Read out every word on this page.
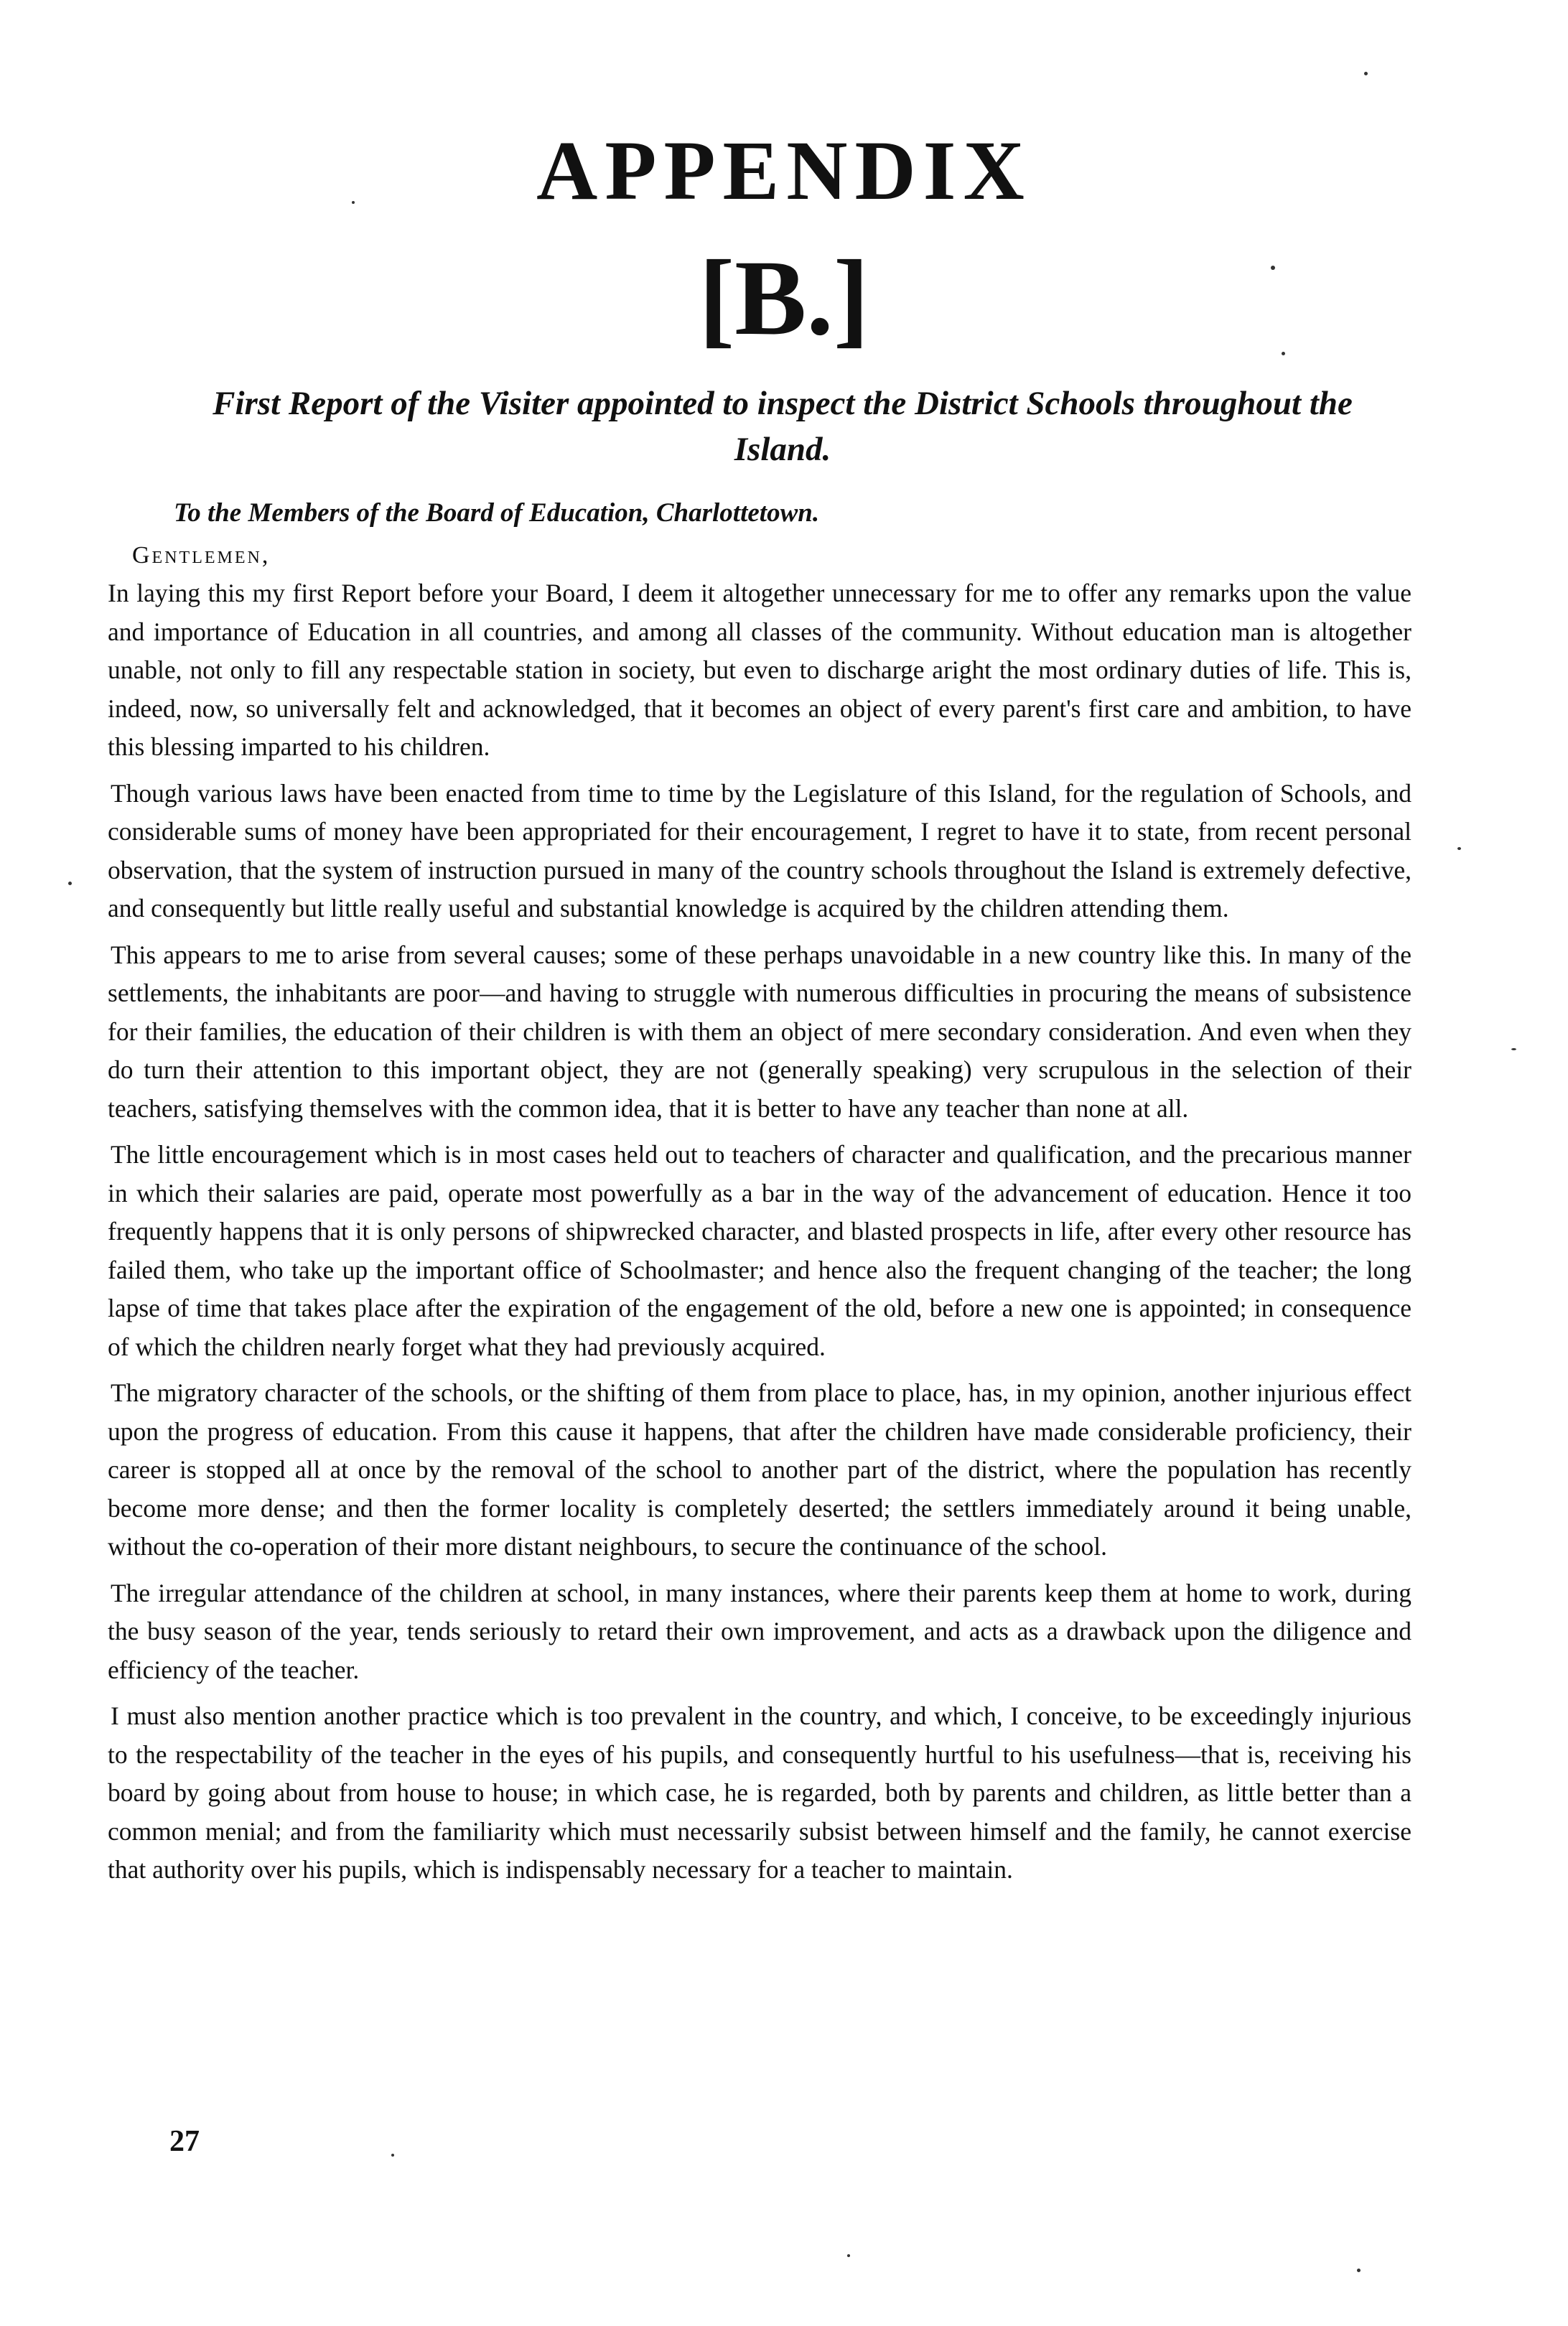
APPENDIX
[B.]
First Report of the Visiter appointed to inspect the District Schools throughout the Island.
To the Members of the Board of Education, Charlottetown.
Gentlemen,

In laying this my first Report before your Board, I deem it altogether unnecessary for me to offer any remarks upon the value and importance of Education in all countries, and among all classes of the community. Without education man is altogether unable, not only to fill any respectable station in society, but even to discharge aright the most ordinary duties of life. This is, indeed, now, so universally felt and acknowledged, that it becomes an object of every parent's first care and ambition, to have this blessing imparted to his children.

Though various laws have been enacted from time to time by the Legislature of this Island, for the regulation of Schools, and considerable sums of money have been appropriated for their encouragement, I regret to have it to state, from recent personal observation, that the system of instruction pursued in many of the country schools throughout the Island is extremely defective, and consequently but little really useful and substantial knowledge is acquired by the children attending them.

This appears to me to arise from several causes; some of these perhaps unavoidable in a new country like this. In many of the settlements, the inhabitants are poor—and having to struggle with numerous difficulties in procuring the means of subsistence for their families, the education of their children is with them an object of mere secondary consideration. And even when they do turn their attention to this important object, they are not (generally speaking) very scrupulous in the selection of their teachers, satisfying themselves with the common idea, that it is better to have any teacher than none at all.

The little encouragement which is in most cases held out to teachers of character and qualification, and the precarious manner in which their salaries are paid, operate most powerfully as a bar in the way of the advancement of education. Hence it too frequently happens that it is only persons of shipwrecked character, and blasted prospects in life, after every other resource has failed them, who take up the important office of Schoolmaster; and hence also the frequent changing of the teacher; the long lapse of time that takes place after the expiration of the engagement of the old, before a new one is appointed; in consequence of which the children nearly forget what they had previously acquired.

The migratory character of the schools, or the shifting of them from place to place, has, in my opinion, another injurious effect upon the progress of education. From this cause it happens, that after the children have made considerable proficiency, their career is stopped all at once by the removal of the school to another part of the district, where the population has recently become more dense; and then the former locality is completely deserted; the settlers immediately around it being unable, without the co-operation of their more distant neighbours, to secure the continuance of the school.

The irregular attendance of the children at school, in many instances, where their parents keep them at home to work, during the busy season of the year, tends seriously to retard their own improvement, and acts as a drawback upon the diligence and efficiency of the teacher.

I must also mention another practice which is too prevalent in the country, and which, I conceive, to be exceedingly injurious to the respectability of the teacher in the eyes of his pupils, and consequently hurtful to his usefulness—that is, receiving his board by going about from house to house; in which case, he is regarded, both by parents and children, as little better than a common menial; and from the familiarity which must necessarily subsist between himself and the family, he cannot exercise that authority over his pupils, which is indispensably necessary for a teacher to maintain.

27
